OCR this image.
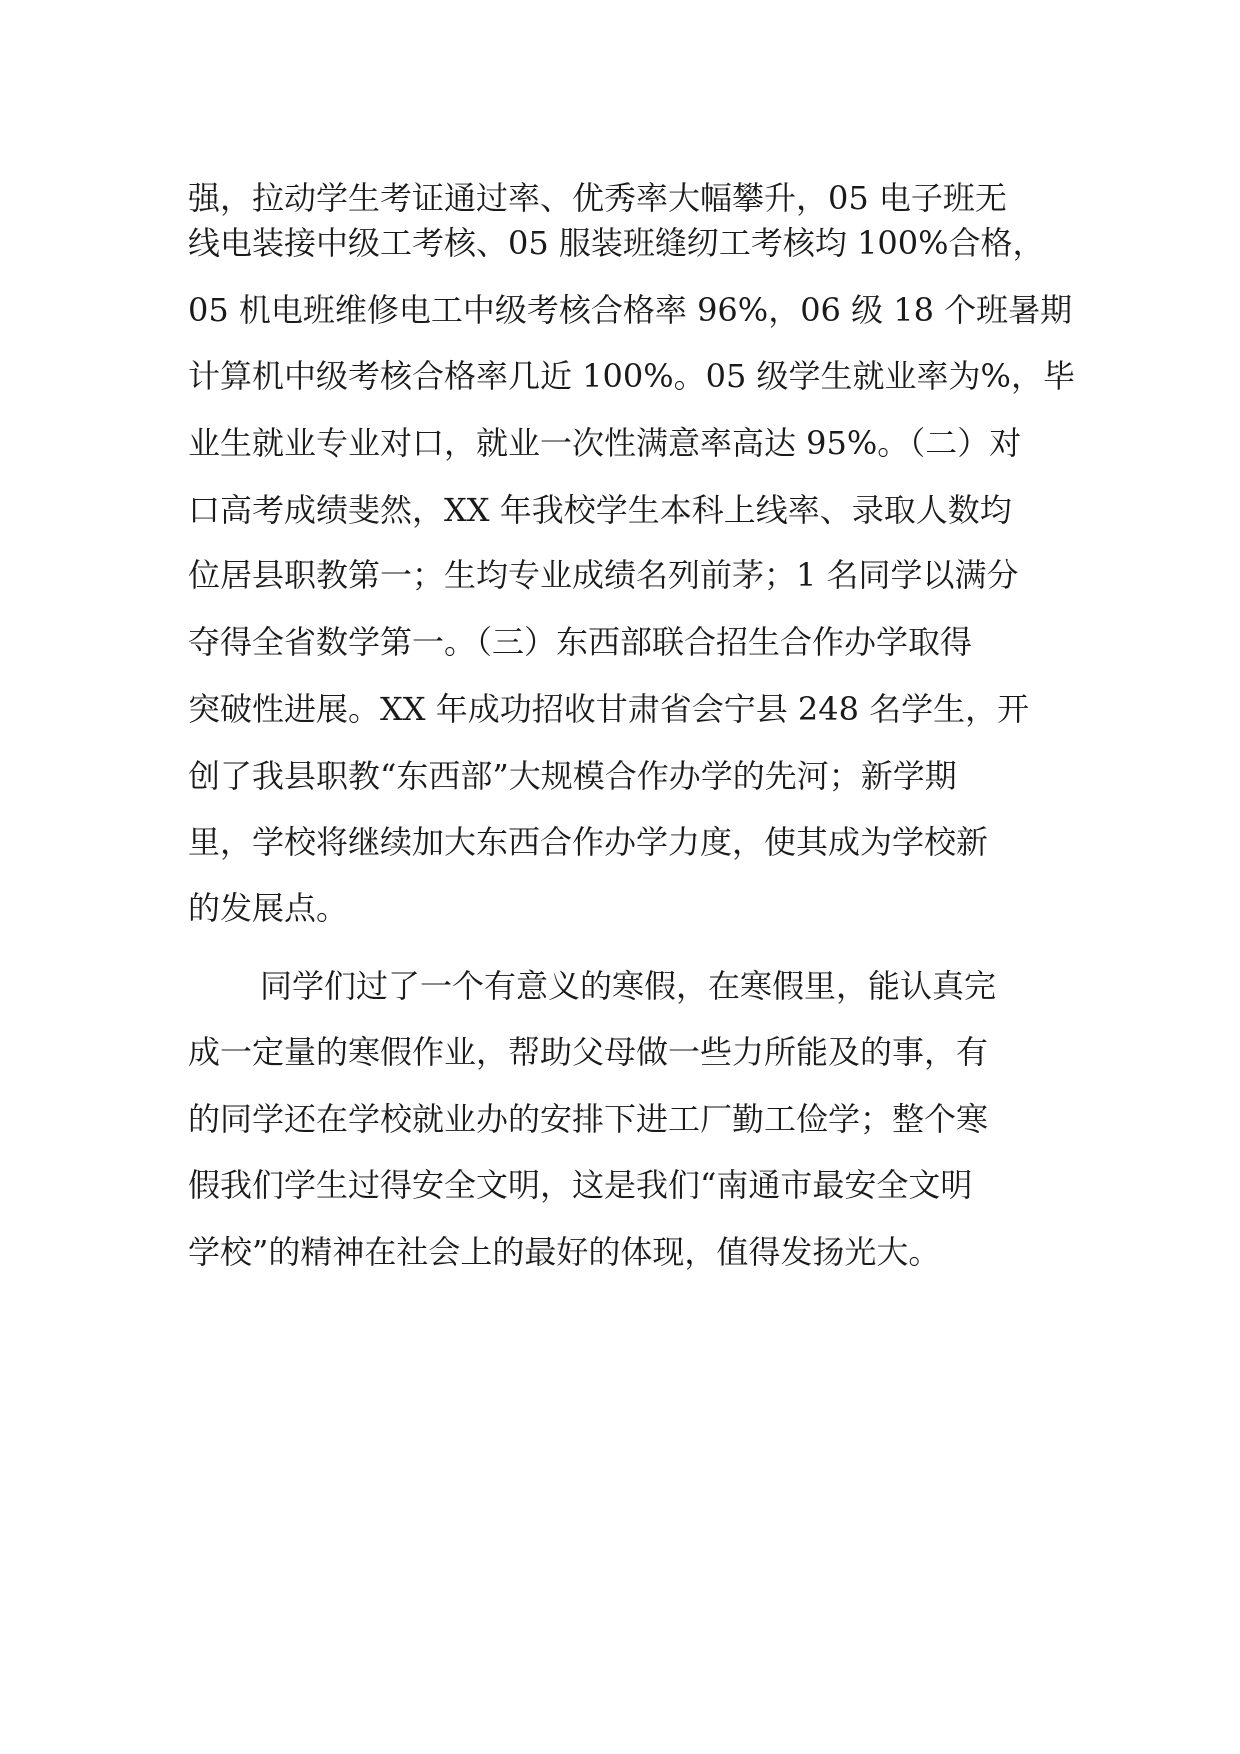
强，拉动学生考证通过率、优秀率大幅攀升，05 电子班无
线电装接中级工考核、05 服装班缝纫工考核均 100%合格，
05 机电班维修电工中级考核合格率 96%，06 级 18 个班暑期
计算机中级考核合格率几近 100%。05 级学生就业率为%，毕
业生就业专业对口，就业一次性满意率高达 95%。（二）对
口高考成绩斐然，XX 年我校学生本科上线率、录取人数均
位居县职教第一；生均专业成绩名列前茅；1 名同学以满分
夺得全省数学第一。（三）东西部联合招生合作办学取得
突破性进展。XX 年成功招收甘肃省会宁县 248 名学生，开
创了我县职教“东西部”大规模合作办学的先河；新学期
里，学校将继续加大东西合作办学力度，使其成为学校新
的发展点。
同学们过了一个有意义的寒假，在寒假里，能认真完
成一定量的寒假作业，帮助父母做一些力所能及的事，有
的同学还在学校就业办的安排下进工厂勤工俭学；整个寒
假我们学生过得安全文明，这是我们“南通市最安全文明
学校”的精神在社会上的最好的体现，值得发扬光大。
